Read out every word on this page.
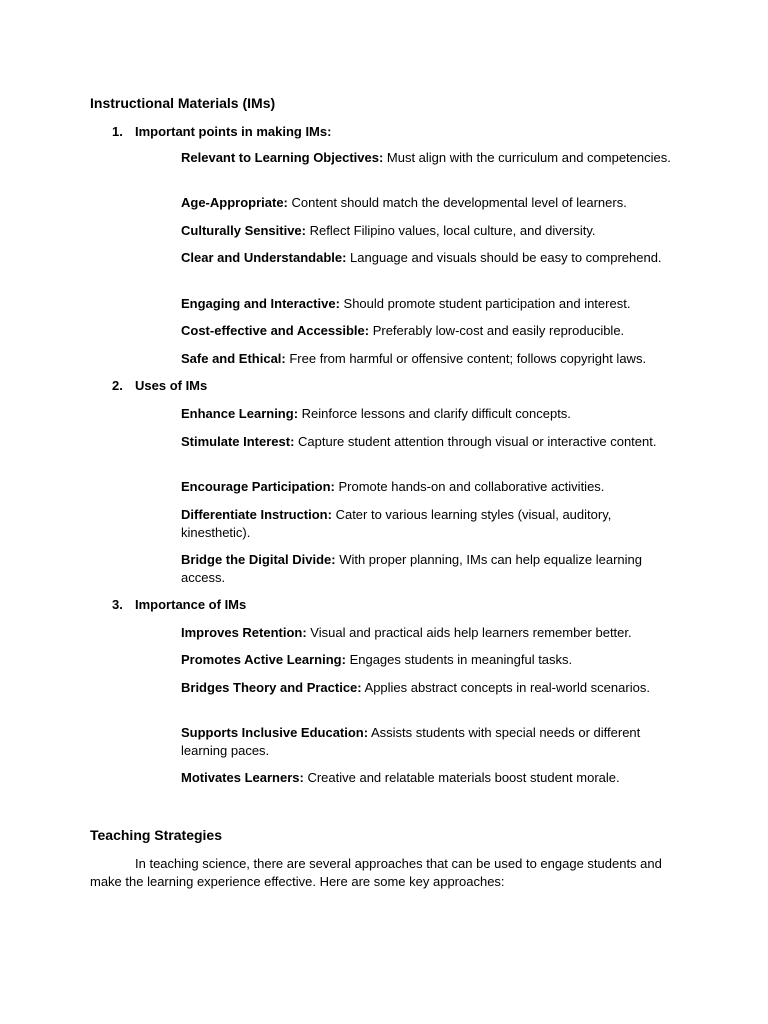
Instructional Materials (IMs)
1. Important points in making IMs:

Relevant to Learning Objectives: Must align with the curriculum and competencies.

Age-Appropriate: Content should match the developmental level of learners.

Culturally Sensitive: Reflect Filipino values, local culture, and diversity.

Clear and Understandable: Language and visuals should be easy to comprehend.

Engaging and Interactive: Should promote student participation and interest.

Cost-effective and Accessible: Preferably low-cost and easily reproducible.

Safe and Ethical: Free from harmful or offensive content; follows copyright laws.

2. Uses of IMs

Enhance Learning: Reinforce lessons and clarify difficult concepts.

Stimulate Interest: Capture student attention through visual or interactive content.

Encourage Participation: Promote hands-on and collaborative activities.

Differentiate Instruction: Cater to various learning styles (visual, auditory, kinesthetic).

Bridge the Digital Divide: With proper planning, IMs can help equalize learning access.

3. Importance of IMs

Improves Retention: Visual and practical aids help learners remember better.

Promotes Active Learning: Engages students in meaningful tasks.

Bridges Theory and Practice: Applies abstract concepts in real-world scenarios.

Supports Inclusive Education: Assists students with special needs or different learning paces.

Motivates Learners: Creative and relatable materials boost student morale.

Teaching Strategies

In teaching science, there are several approaches that can be used to engage students and make the learning experience effective. Here are some key approaches:
